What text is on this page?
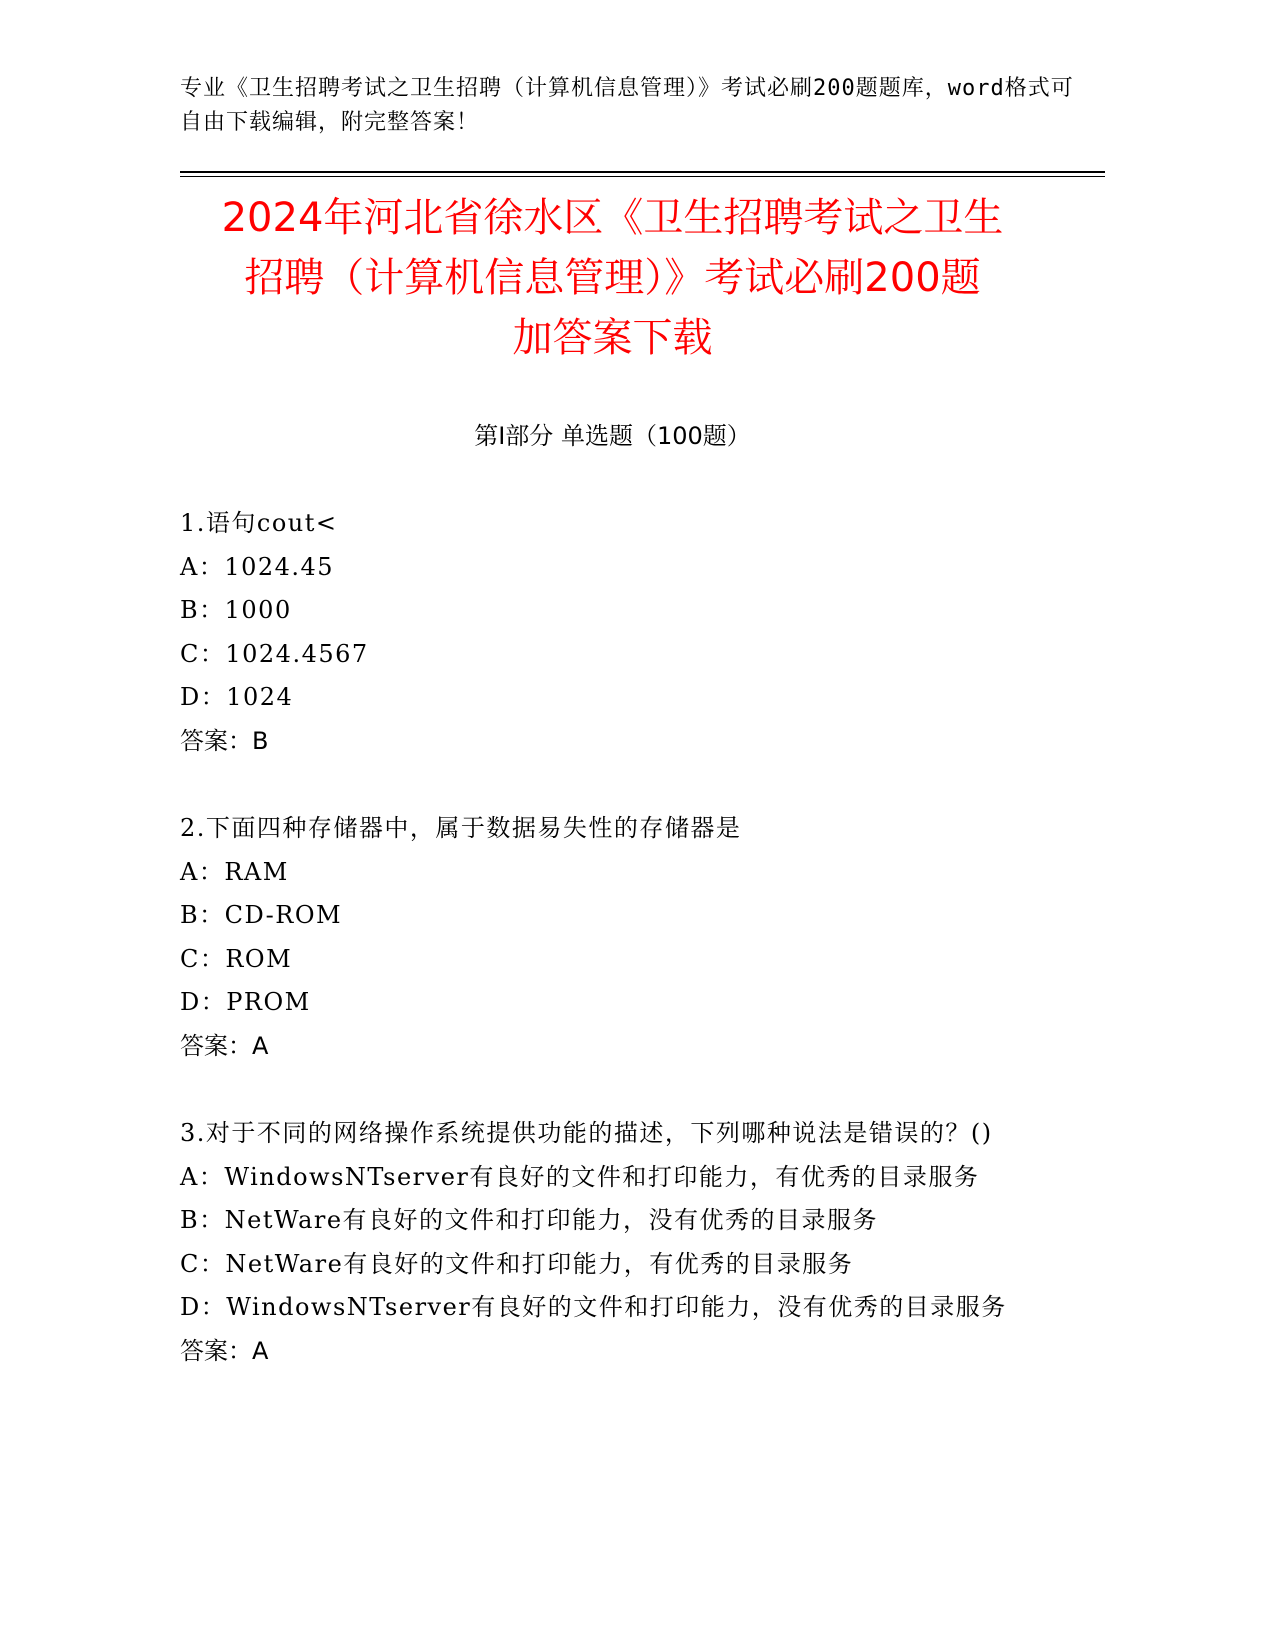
专业《卫生招聘考试之卫生招聘（计算机信息管理）》考试必刷200题题库，word格式可自由下载编辑，附完整答案！
2024年河北省徐水区《卫生招聘考试之卫生
招聘（计算机信息管理）》考试必刷200题
加答案下载
第Ⅰ部分 单选题（100题）
1.语句cout<
A：1024.45
B：1000
C：1024.4567
D：1024
答案：B
2.下面四种存储器中，属于数据易失性的存储器是
A：RAM
B：CD-ROM
C：ROM
D：PROM
答案：A
3.对于不同的网络操作系统提供功能的描述，下列哪种说法是错误的？()
A：WindowsNTserver有良好的文件和打印能力，有优秀的目录服务
B：NetWare有良好的文件和打印能力，没有优秀的目录服务
C：NetWare有良好的文件和打印能力，有优秀的目录服务
D：WindowsNTserver有良好的文件和打印能力，没有优秀的目录服务
答案：A
